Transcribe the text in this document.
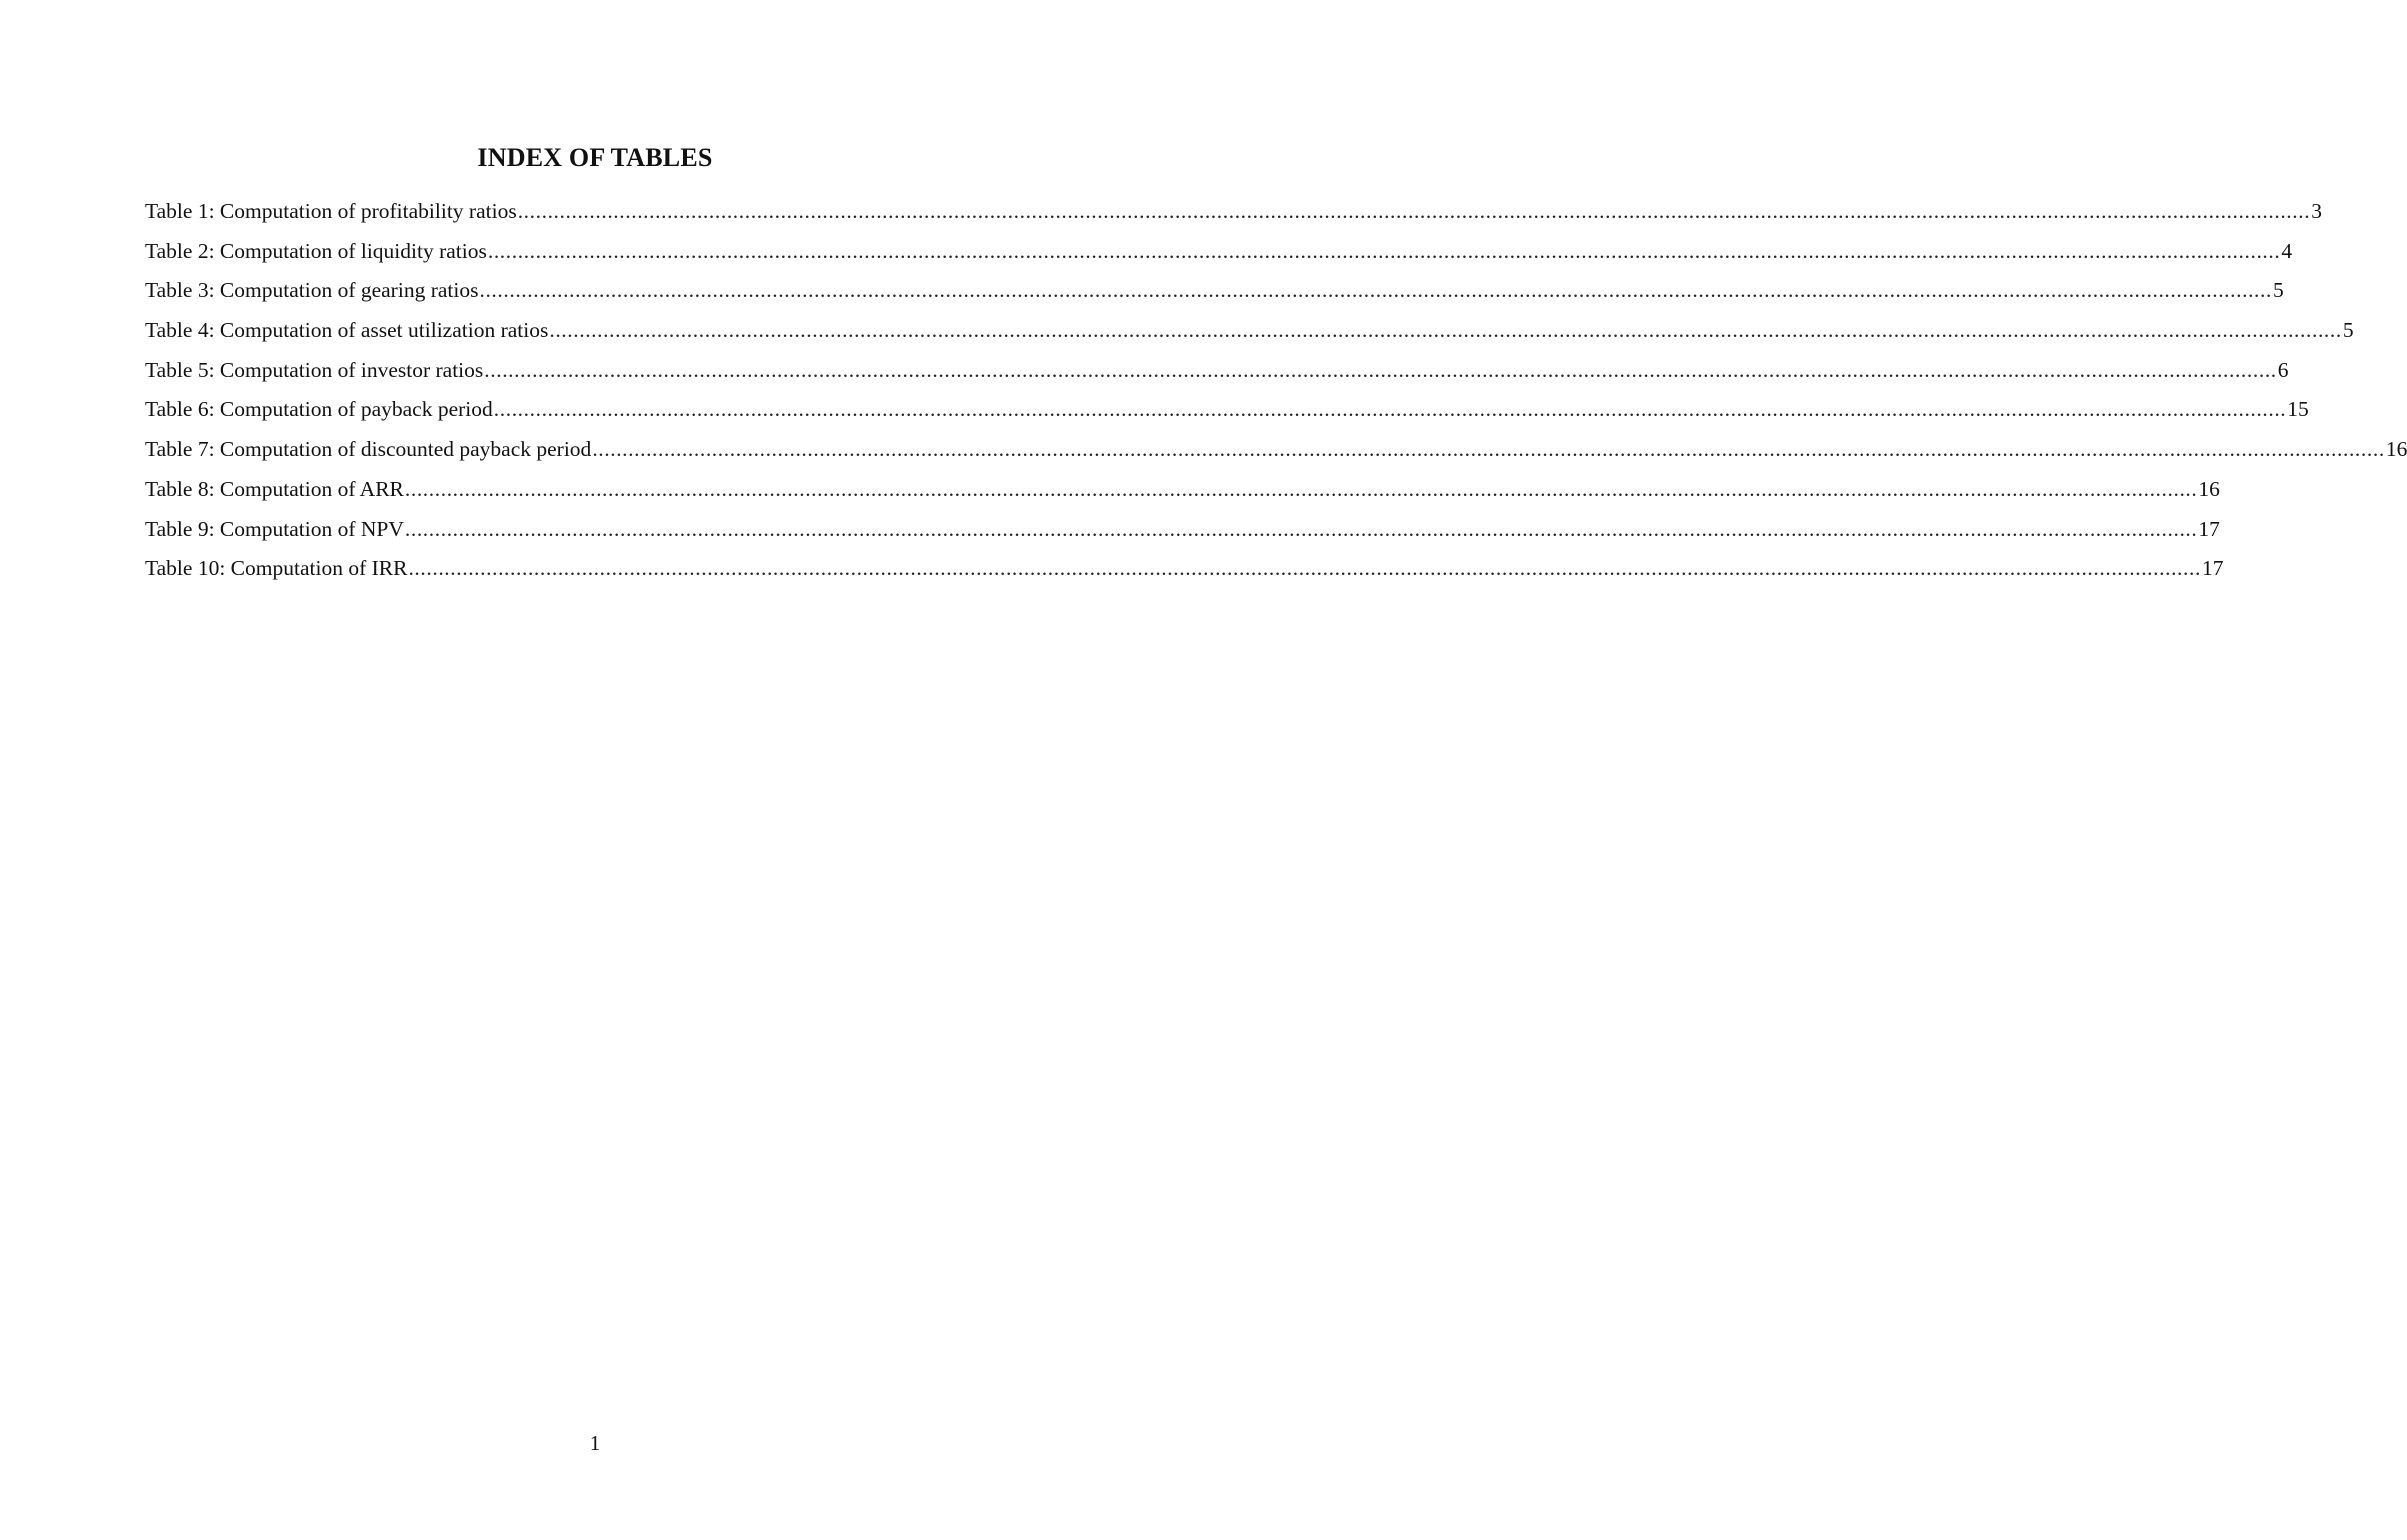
INDEX OF TABLES
Table 1: Computation of profitability ratios ............................................................................................................................................................................................................................................................................................................ 3
Table 2: Computation of liquidity ratios ............................................................................................................................................................................................................................................................................................................ 4
Table 3: Computation of gearing ratios ............................................................................................................................................................................................................................................................................................................ 5
Table 4: Computation of asset utilization ratios ............................................................................................................................................................................................................................................................................................................ 5
Table 5: Computation of investor ratios ............................................................................................................................................................................................................................................................................................................ 6
Table 6: Computation of payback period ............................................................................................................................................................................................................................................................................................................ 15
Table 7: Computation of discounted payback period ............................................................................................................................................................................................................................................................................................................ 16
Table 8: Computation of ARR ............................................................................................................................................................................................................................................................................................................ 16
Table 9: Computation of NPV ............................................................................................................................................................................................................................................................................................................ 17
Table 10: Computation of IRR ............................................................................................................................................................................................................................................................................................................ 17
1
